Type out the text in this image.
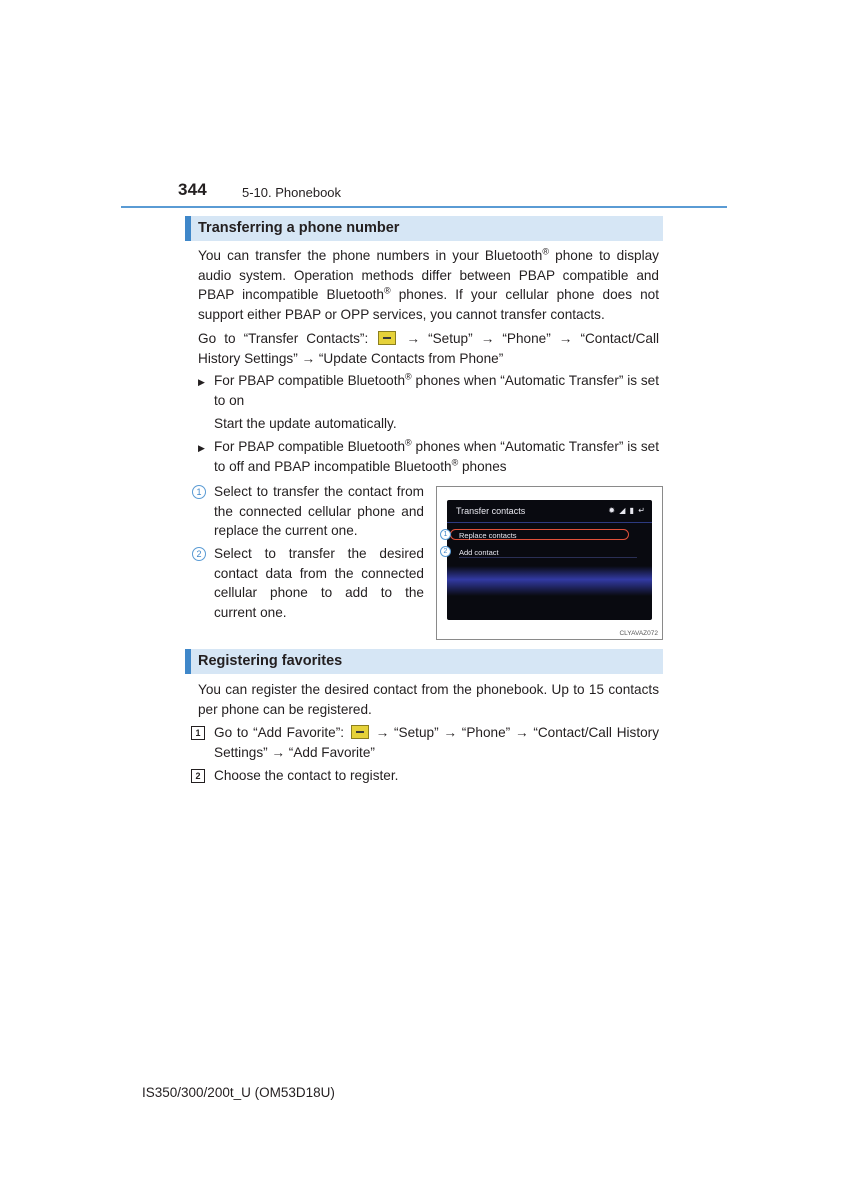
344	5-10. Phonebook
Transferring a phone number
You can transfer the phone numbers in your Bluetooth® phone to display audio system. Operation methods differ between PBAP compatible and PBAP incompatible Bluetooth® phones. If your cellular phone does not support either PBAP or OPP services, you cannot transfer contacts.
Go to “Transfer Contacts”:	→ “Setup” → “Phone” → “Contact/Call History Settings” → “Update Contacts from Phone”
▶ For PBAP compatible Bluetooth® phones when “Automatic Transfer” is set to on
Start the update automatically.
▶ For PBAP compatible Bluetooth® phones when “Automatic Transfer” is set to off and PBAP incompatible Bluetooth® phones
1 Select to transfer the contact from the connected cellular phone and replace the current one.
2 Select to transfer the desired contact data from the connected cellular phone to add to the current one.
Transfer contacts	✹ ◢ ▮ ↵
Replace contacts
Add contact
1
2
CLYAVAZ072
Registering favorites
You can register the desired contact from the phonebook. Up to 15 contacts per phone can be registered.
1 Go to “Add Favorite”: → “Setup” → “Phone” → “Contact/Call History Settings” → “Add Favorite”
2 Choose the contact to register.
IS350/300/200t_U (OM53D18U)
